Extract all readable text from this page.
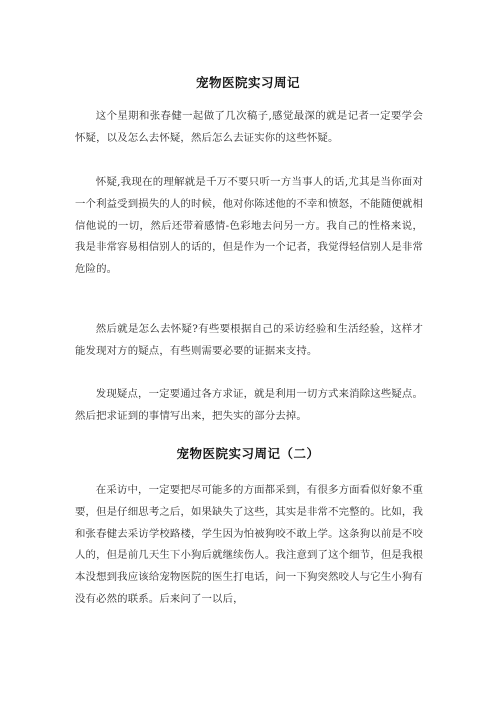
宠物医院实习周记

这个星期和张春健一起做了几次稿子,感觉最深的就是记者一定要学会怀疑，以及怎么去怀疑，然后怎么去证实你的这些怀疑。

怀疑,我现在的理解就是千万不要只听一方当事人的话,尤其是当你面对一个利益受到损失的人的时候，他对你陈述他的不幸和愤怒，不能随便就相信他说的一切，然后还带着感情-色彩地去问另一方。我自己的性格来说，我是非常容易相信别人的话的，但是作为一个记者，我觉得轻信别人是非常危险的。

然后就是怎么去怀疑?有些要根据自己的采访经验和生活经验，这样才能发现对方的疑点，有些则需要必要的证据来支持。

发现疑点，一定要通过各方求证，就是利用一切方式来消除这些疑点。然后把求证到的事情写出来，把失实的部分去掉。

宠物医院实习周记（二）

在采访中，一定要把尽可能多的方面都采到，有很多方面看似好象不重要，但是仔细思考之后，如果缺失了这些，其实是非常不完整的。比如，我和张春健去采访学校路楼，学生因为怕被狗咬不敢上学。这条狗以前是不咬人的，但是前几天生下小狗后就继续伤人。我注意到了这个细节，但是我根本没想到我应该给宠物医院的医生打电话，问一下狗突然咬人与它生小狗有没有必然的联系。后来问了一以后，
